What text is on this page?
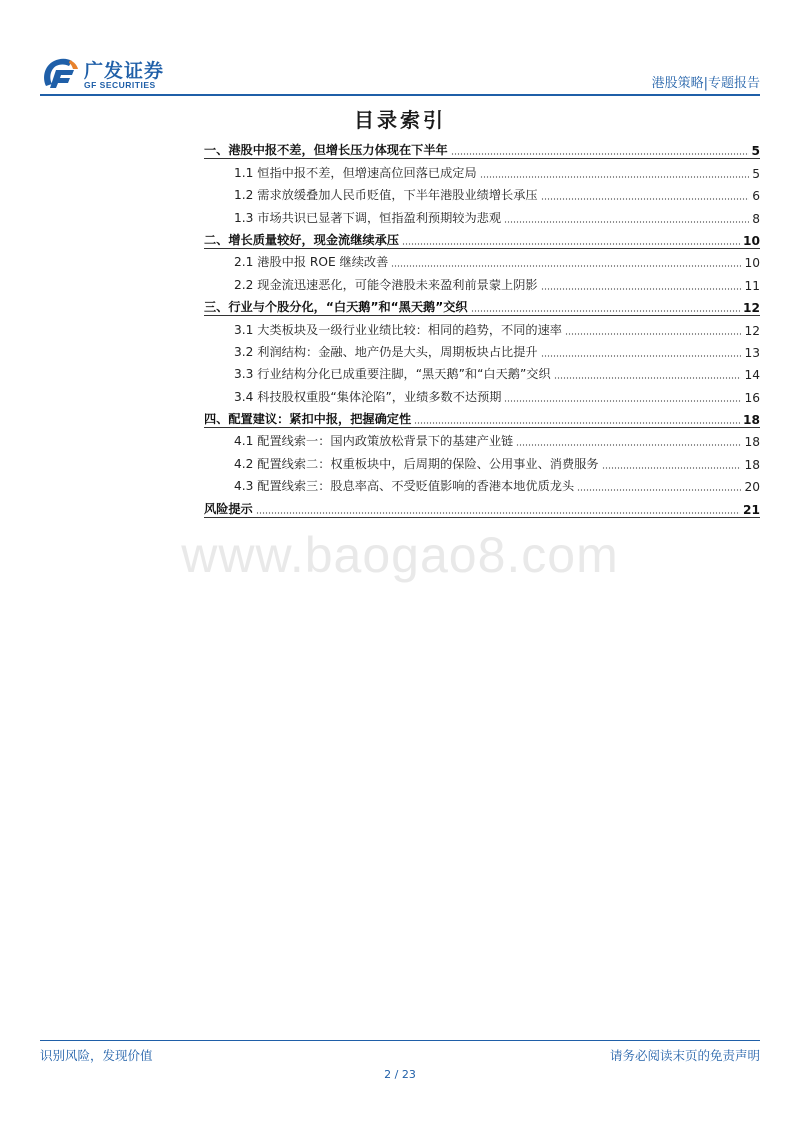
广发证券
GF SECURITIES	港股策略|专题报告
目录索引
一、港股中报不差，但增长压力体现在下半年	5
1.1 恒指中报不差，但增速高位回落已成定局	5
1.2 需求放缓叠加人民币贬值，下半年港股业绩增长承压	6
1.3 市场共识已显著下调，恒指盈利预期较为悲观	8
二、增长质量较好，现金流继续承压	10
2.1 港股中报 ROE 继续改善	10
2.2 现金流迅速恶化，可能令港股未来盈利前景蒙上阴影	11
三、行业与个股分化，“白天鹅”和“黑天鹅”交织	12
3.1 大类板块及一级行业业绩比较：相同的趋势，不同的速率	12
3.2 利润结构：金融、地产仍是大头，周期板块占比提升	13
3.3 行业结构分化已成重要注脚，“黑天鹅”和“白天鹅”交织	14
3.4 科技股权重股“集体沦陷”，业绩多数不达预期	16
四、配置建议：紧扣中报，把握确定性	18
4.1 配置线索一：国内政策放松背景下的基建产业链	18
4.2 配置线索二：权重板块中，后周期的保险、公用事业、消费服务	18
4.3 配置线索三：股息率高、不受贬值影响的香港本地优质龙头	20
风险提示	21
www.baogao8.com
识别风险，发现价值	请务必阅读末页的免责声明
2 / 23
